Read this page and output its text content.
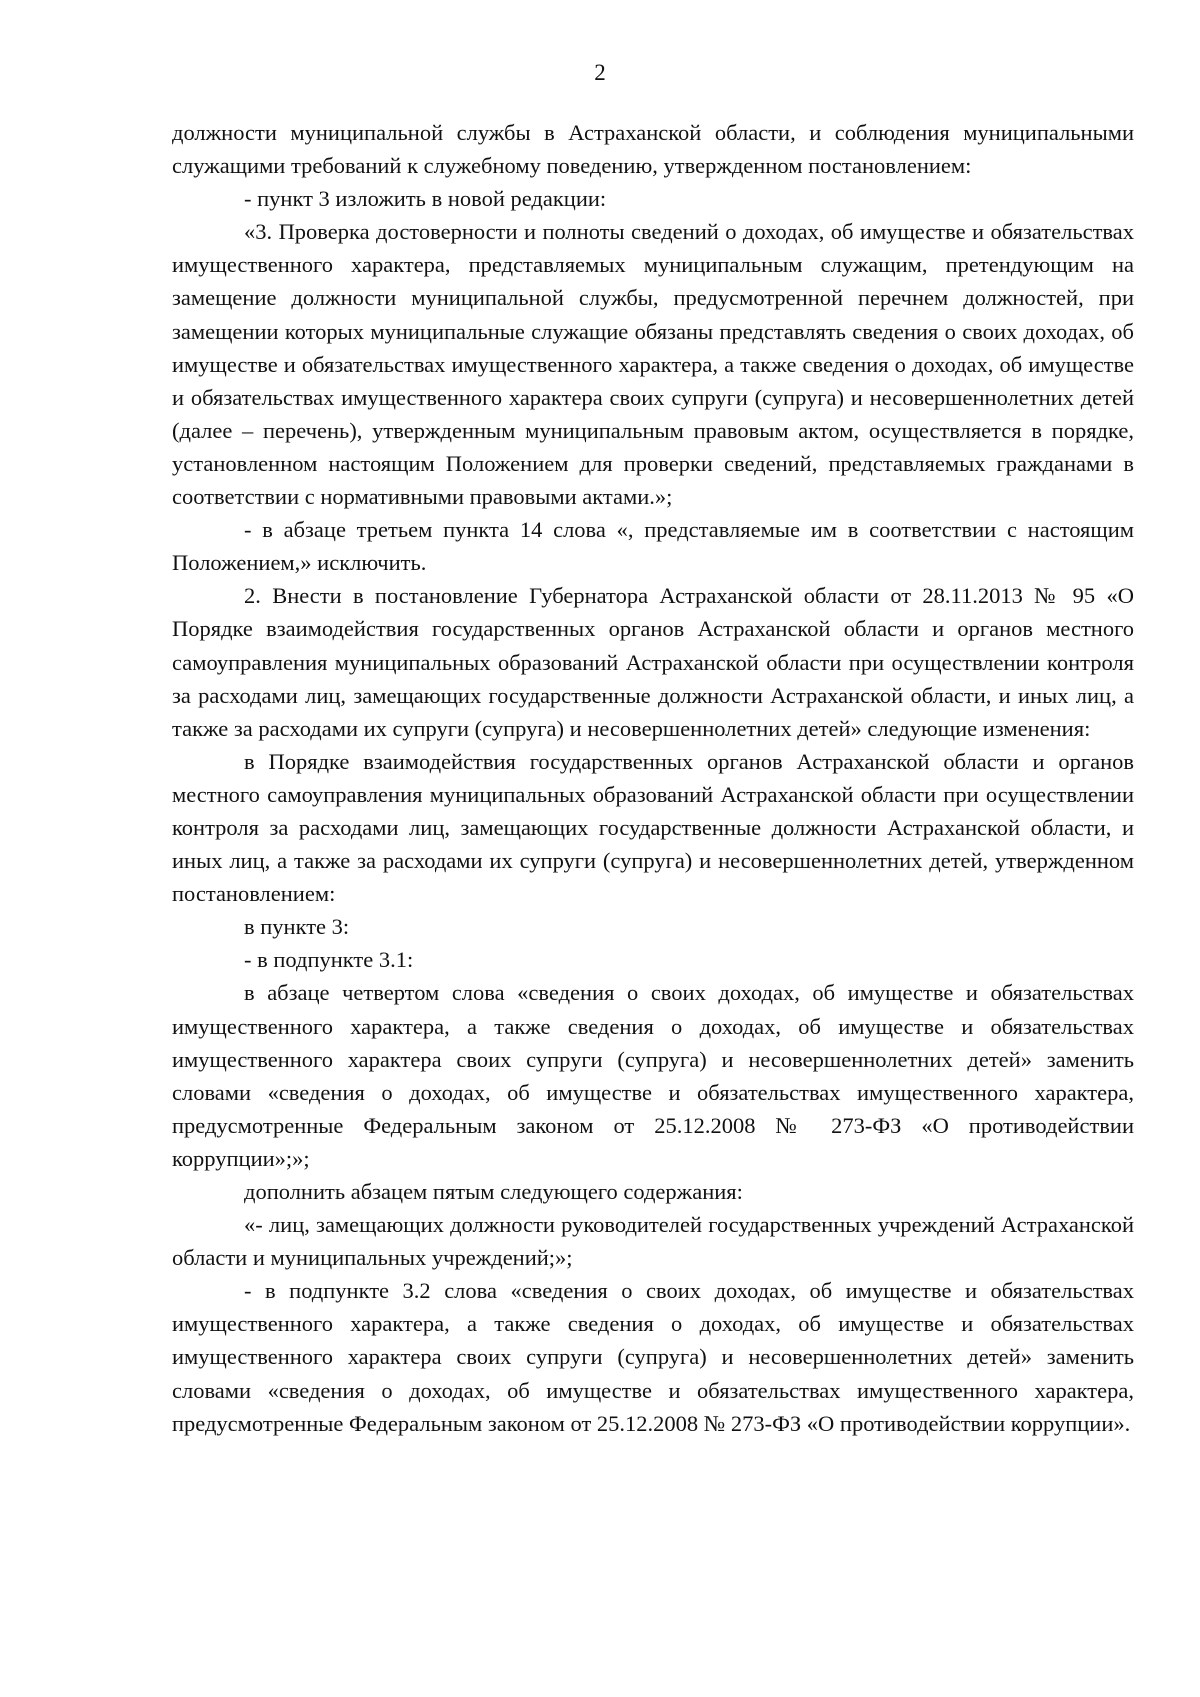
2

должности муниципальной службы в Астраханской области, и соблюдения муниципальными служащими требований к служебному поведению, утвержденном постановлением:

- пункт 3 изложить в новой редакции:

«3. Проверка достоверности и полноты сведений о доходах, об имуществе и обязательствах имущественного характера, представляемых муниципальным служащим, претендующим на замещение должности муниципальной службы, предусмотренной перечнем должностей, при замещении которых муниципальные служащие обязаны представлять сведения о своих доходах, об имуществе и обязательствах имущественного характера, а также сведения о доходах, об имуществе и обязательствах имущественного характера своих супруги (супруга) и несовершеннолетних детей (далее – перечень), утвержденным муниципальным правовым актом, осуществляется в порядке, установленном настоящим Положением для проверки сведений, представляемых гражданами в соответствии с нормативными правовыми актами.»;

- в абзаце третьем пункта 14 слова «, представляемые им в соответствии с настоящим Положением,» исключить.

2. Внести в постановление Губернатора Астраханской области от 28.11.2013 № 95 «О Порядке взаимодействия государственных органов Астраханской области и органов местного самоуправления муниципальных образований Астраханской области при осуществлении контроля за расходами лиц, замещающих государственные должности Астраханской области, и иных лиц, а также за расходами их супруги (супруга) и несовершеннолетних детей» следующие изменения:

в Порядке взаимодействия государственных органов Астраханской области и органов местного самоуправления муниципальных образований Астраханской области при осуществлении контроля за расходами лиц, замещающих государственные должности Астраханской области, и иных лиц, а также за расходами их супруги (супруга) и несовершеннолетних детей, утвержденном постановлением:

в пункте 3:

- в подпункте 3.1:

в абзаце четвертом слова «сведения о своих доходах, об имуществе и обязательствах имущественного характера, а также сведения о доходах, об имуществе и обязательствах имущественного характера своих супруги (супруга) и несовершеннолетних детей» заменить словами «сведения о доходах, об имуществе и обязательствах имущественного характера, предусмотренные Федеральным законом от 25.12.2008 № 273-ФЗ «О противодействии коррупции»;»;

дополнить абзацем пятым следующего содержания:

«- лиц, замещающих должности руководителей государственных учреждений Астраханской области и муниципальных учреждений;»;

- в подпункте 3.2 слова «сведения о своих доходах, об имуществе и обязательствах имущественного характера, а также сведения о доходах, об имуществе и обязательствах имущественного характера своих супруги (супруга) и несовершеннолетних детей» заменить словами «сведения о доходах, об имуществе и обязательствах имущественного характера, предусмотренные Федеральным законом от 25.12.2008 № 273-ФЗ «О противодействии коррупции».
